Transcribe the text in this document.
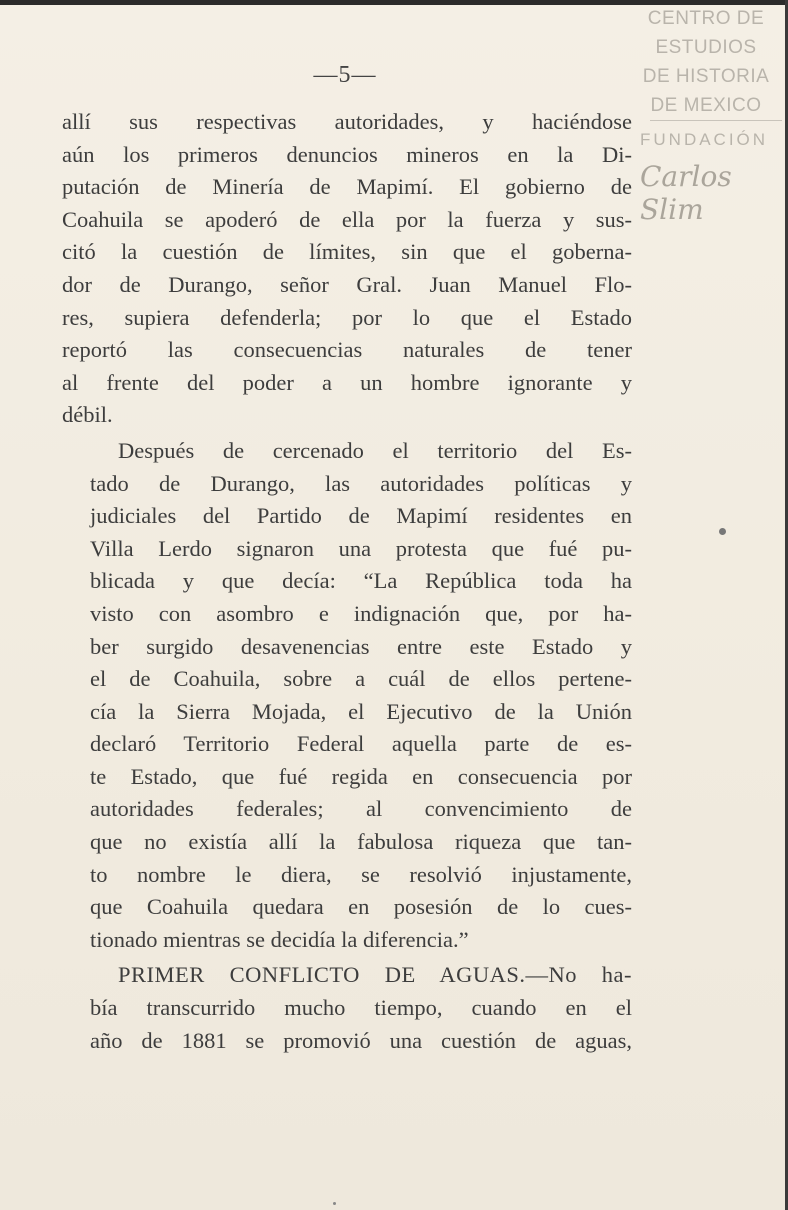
CENTRO DE
ESTUDIOS
DE HISTORIA
DE MEXICO
FUNDACIÓN
Carlos Slim
—5—

allí sus respectivas autoridades, y haciéndose
aún los primeros denuncios mineros en la Di-
putación de Minería de Mapimí. El gobierno de
Coahuila se apoderó de ella por la fuerza y sus-
citó la cuestión de límites, sin que el goberna-
dor de Durango, señor Gral. Juan Manuel Flo-
res, supiera defenderla; por lo que el Estado
reportó las consecuencias naturales de tener
al frente del poder a un hombre ignorante y
débil.

Después de cercenado el territorio del Es-
tado de Durango, las autoridades políticas y
judiciales del Partido de Mapimí residentes en
Villa Lerdo signaron una protesta que fué pu-
blicada y que decía: “La República toda ha
visto con asombro e indignación que, por ha-
ber surgido desavenencias entre este Estado y
el de Coahuila, sobre a cuál de ellos pertene-
cía la Sierra Mojada, el Ejecutivo de la Unión
declaró Territorio Federal aquella parte de es-
te Estado, que fué regida en consecuencia por
autoridades federales; al convencimiento de
que no existía allí la fabulosa riqueza que tan-
to nombre le diera, se resolvió injustamente,
que Coahuila quedara en posesión de lo cues-
tionado mientras se decidía la diferencia.”

PRIMER CONFLICTO DE AGUAS.—No ha-
bía transcurrido mucho tiempo, cuando en el
año de 1881 se promovió una cuestión de aguas,
